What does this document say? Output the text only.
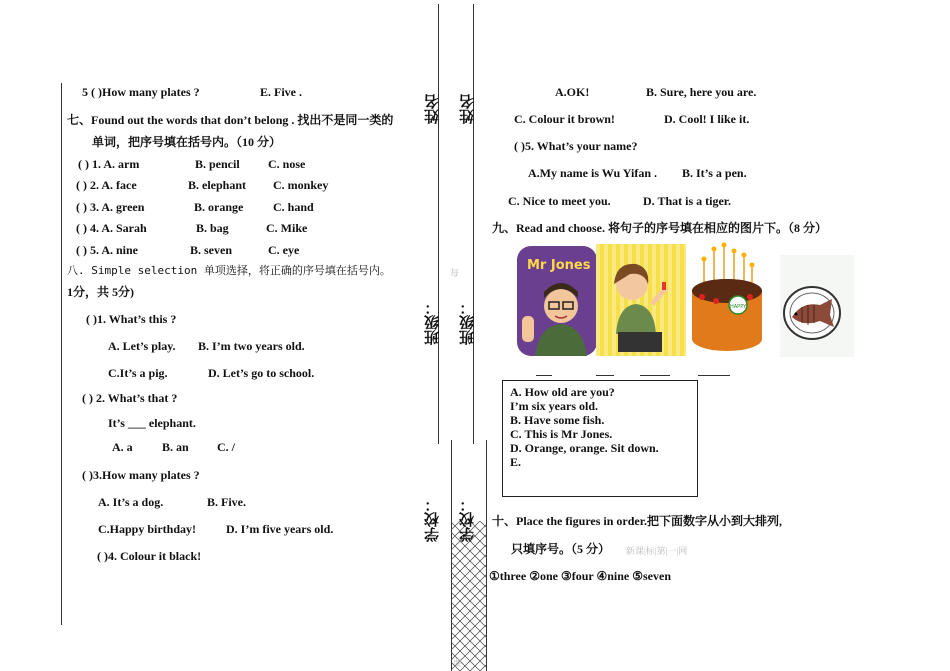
5 ( )How many plates ?	E. Five .
七、Found out the words that don’t belong . 找出不是同一类的
单词，把序号填在括号内。（10 分）
( ) 1. A. arm	B. pencil C. nose
( ) 2. A. face	B. elephant C. monkey
( ) 3. A. green	B. orange C. hand
( ) 4. A. Sarah	B. bag	C. Mike
( ) 5. A. nine	B. seven	C. eye
八. Simple selection 单项选择，将正确的序号填在括号内。	每
1分，共 5分)
( )1. What’s this ?
A. Let’s play. B. I’m two years old.
C.It’s a pig.	D. Let’s go to school.
( ) 2. What’s that ?
It’s ___ elephant.
A. a B. an C. /
( )3.How many plates ?
A. It’s a dog.	B. Five.
C.Happy birthday! D. I’m five years old.
( )4. Colour it black!
姓名 姓名
班级： 班级：
学校： 学校：
要
A.OK!	B. Sure, here you are.
C. Colour it brown!	D. Cool! I like it.
( )5. What’s your name?
A.My name is Wu Yifan . B. It’s a pen.
C. Nice to meet you.	D. That is a tiger.
九、Read and choose. 将句子的序号填在相应的图片下。（8 分）
Mr Jones
HAPPY
十、Place the figures in order.把下面数字从小到大排列,
A. How old are you?
I’m six years old.
B. Have some fish.
C. This is Mr Jones.
D. Orange, orange. Sit down.
E.
只填序号。（5 分） 新课|标|第|一|网
①three ②one ③four ④nine ⑤seven
